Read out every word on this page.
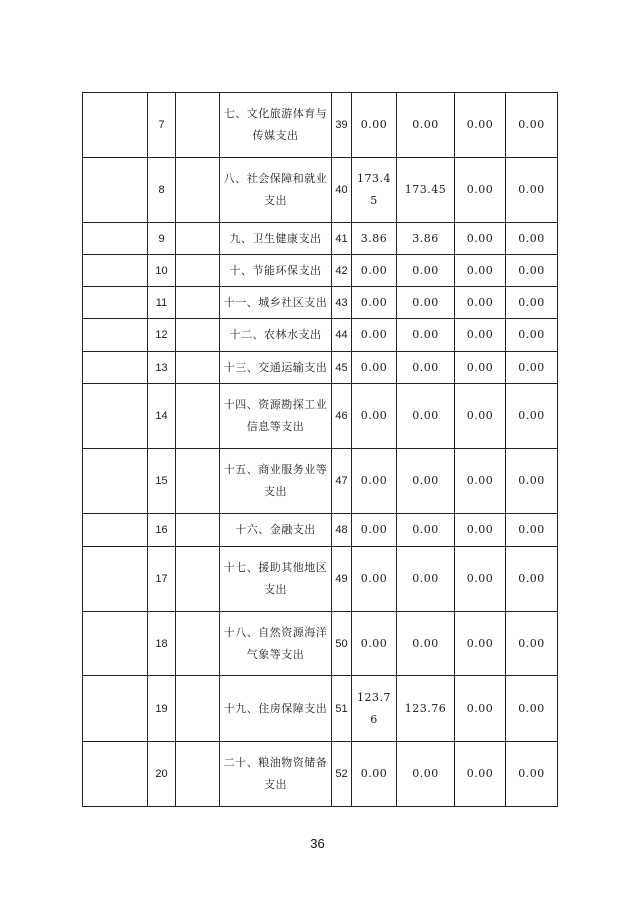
	7		七、文化旅游体育与传媒支出	39	0.00	0.00	0.00	0.00
	8		八、社会保障和就业支出	40	173.45	173.45	0.00	0.00
	9		九、卫生健康支出	41	3.86	3.86	0.00	0.00
	10		十、节能环保支出	42	0.00	0.00	0.00	0.00
	11		十一、城乡社区支出	43	0.00	0.00	0.00	0.00
	12		十二、农林水支出	44	0.00	0.00	0.00	0.00
	13		十三、交通运输支出	45	0.00	0.00	0.00	0.00
	14		十四、资源勘探工业信息等支出	46	0.00	0.00	0.00	0.00
	15		十五、商业服务业等支出	47	0.00	0.00	0.00	0.00
	16		十六、金融支出	48	0.00	0.00	0.00	0.00
	17		十七、援助其他地区支出	49	0.00	0.00	0.00	0.00
	18		十八、自然资源海洋气象等支出	50	0.00	0.00	0.00	0.00
	19		十九、住房保障支出	51	123.76	123.76	0.00	0.00
	20		二十、粮油物资储备支出	52	0.00	0.00	0.00	0.00
36
